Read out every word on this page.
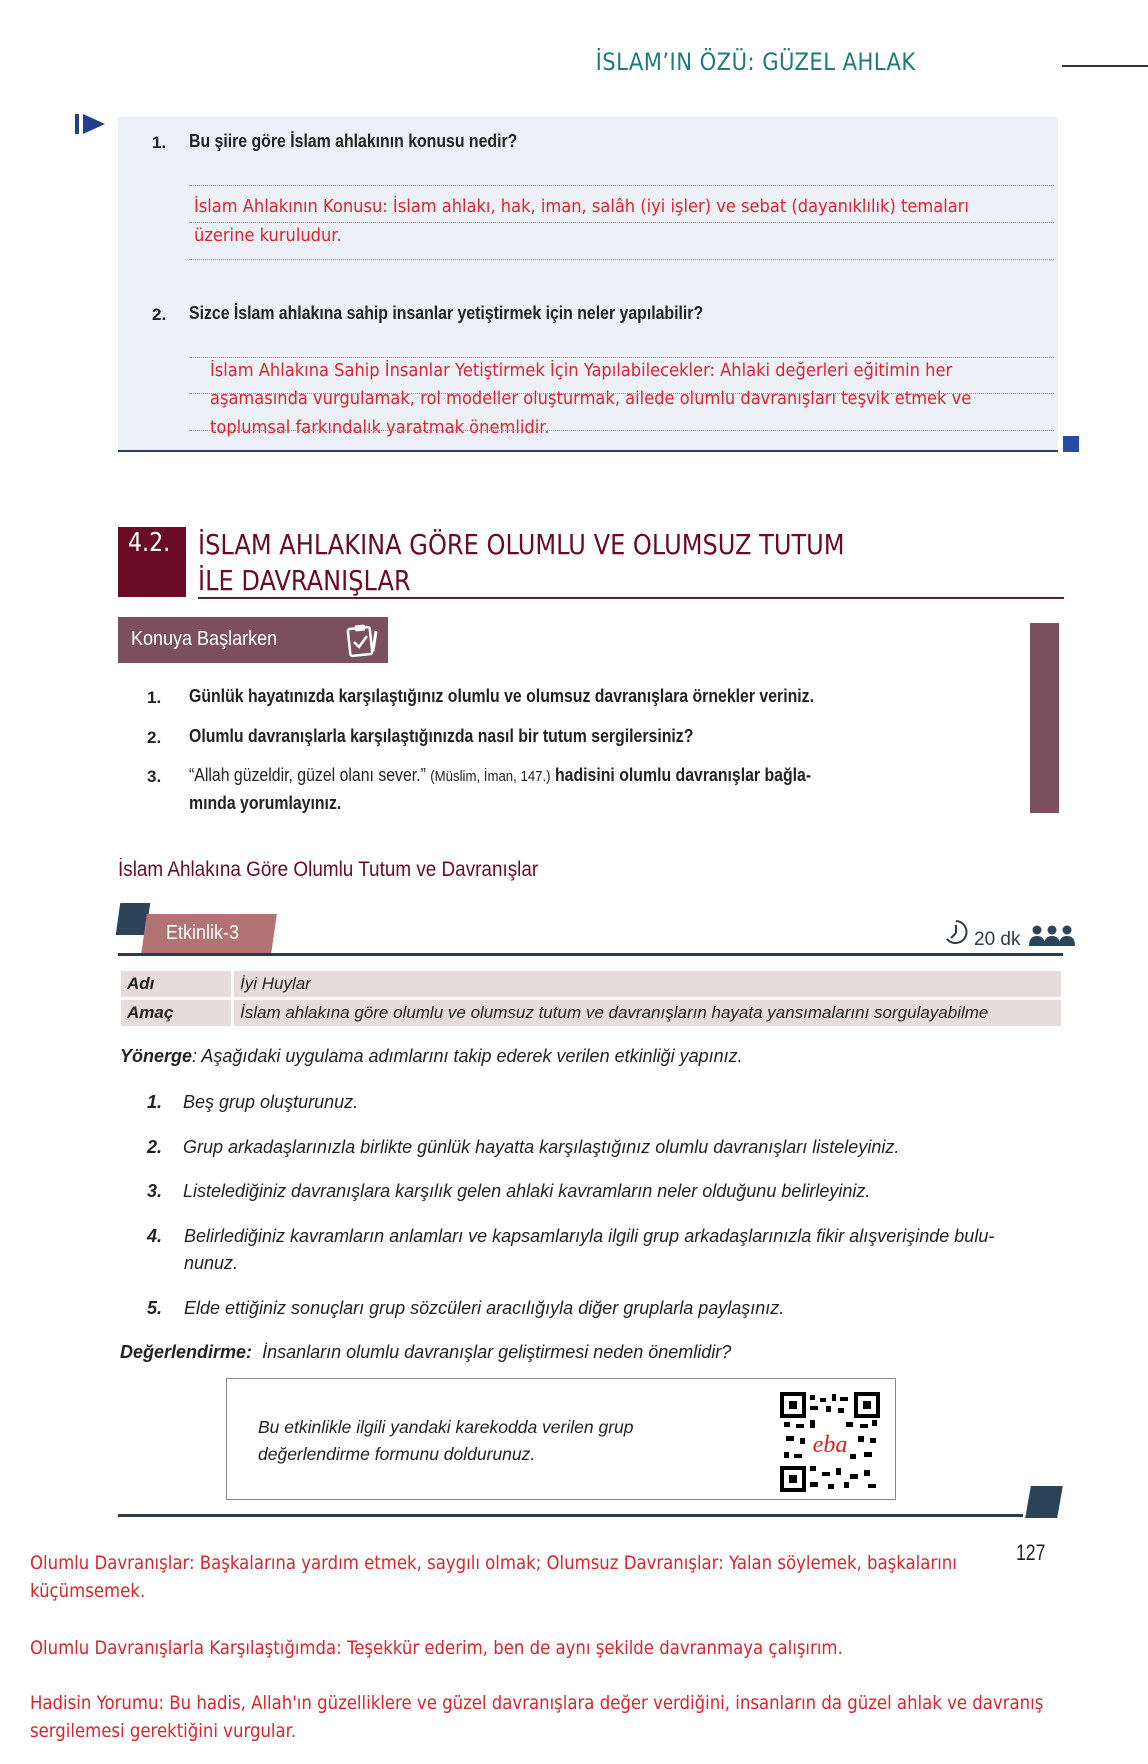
İSLAM’IN ÖZÜ: GÜZEL AHLAK
1. Bu şiire göre İslam ahlakının konusu nedir?
İslam Ahlakının Konusu: İslam ahlakı, hak, iman, salâh (iyi işler) ve sebat (dayanıklılık) temaları
üzerine kuruludur.
2. Sizce İslam ahlakına sahip insanlar yetiştirmek için neler yapılabilir?
İslam Ahlakına Sahip İnsanlar Yetiştirmek İçin Yapılabilecekler: Ahlaki değerleri eğitimin her
aşamasında vurgulamak, rol modeller oluşturmak, ailede olumlu davranışları teşvik etmek ve
toplumsal farkındalık yaratmak önemlidir.
4.2. İSLAM AHLAKINA GÖRE OLUMLU VE OLUMSUZ TUTUM
İLE DAVRANIŞLAR
Konuya Başlarken
1. Günlük hayatınızda karşılaştığınız olumlu ve olumsuz davranışlara örnekler veriniz.
2. Olumlu davranışlarla karşılaştığınızda nasıl bir tutum sergilersiniz?
3. “Allah güzeldir, güzel olanı sever.” (Müslim, İman, 147.) hadisini olumlu davranışlar bağla-
mında yorumlayınız.
İslam Ahlakına Göre Olumlu Tutum ve Davranışlar
Etkinlik-3	20 dk
Adı	İyi Huylar
Amaç	İslam ahlakına göre olumlu ve olumsuz tutum ve davranışların hayata yansımalarını sorgulayabilme
Yönerge: Aşağıdaki uygulama adımlarını takip ederek verilen etkinliği yapınız.
1. Beş grup oluşturunuz.
2. Grup arkadaşlarınızla birlikte günlük hayatta karşılaştığınız olumlu davranışları listeleyiniz.
3. Listelediğiniz davranışlara karşılık gelen ahlaki kavramların neler olduğunu belirleyiniz.
4. Belirlediğiniz kavramların anlamları ve kapsamlarıyla ilgili grup arkadaşlarınızla fikir alışverişinde bulu-
nunuz.
5. Elde ettiğiniz sonuçları grup sözcüleri aracılığıyla diğer gruplarla paylaşınız.
Değerlendirme: İnsanların olumlu davranışlar geliştirmesi neden önemlidir?
Bu etkinlikle ilgili yandaki karekodda verilen grup
değerlendirme formunu doldurunuz.	eba
127
Olumlu Davranışlar: Başkalarına yardım etmek, saygılı olmak; Olumsuz Davranışlar: Yalan söylemek, başkalarını
küçümsemek.
Olumlu Davranışlarla Karşılaştığımda: Teşekkür ederim, ben de aynı şekilde davranmaya çalışırım.
Hadisin Yorumu: Bu hadis, Allah'ın güzelliklere ve güzel davranışlara değer verdiğini, insanların da güzel ahlak ve davranış
sergilemesi gerektiğini vurgular.
